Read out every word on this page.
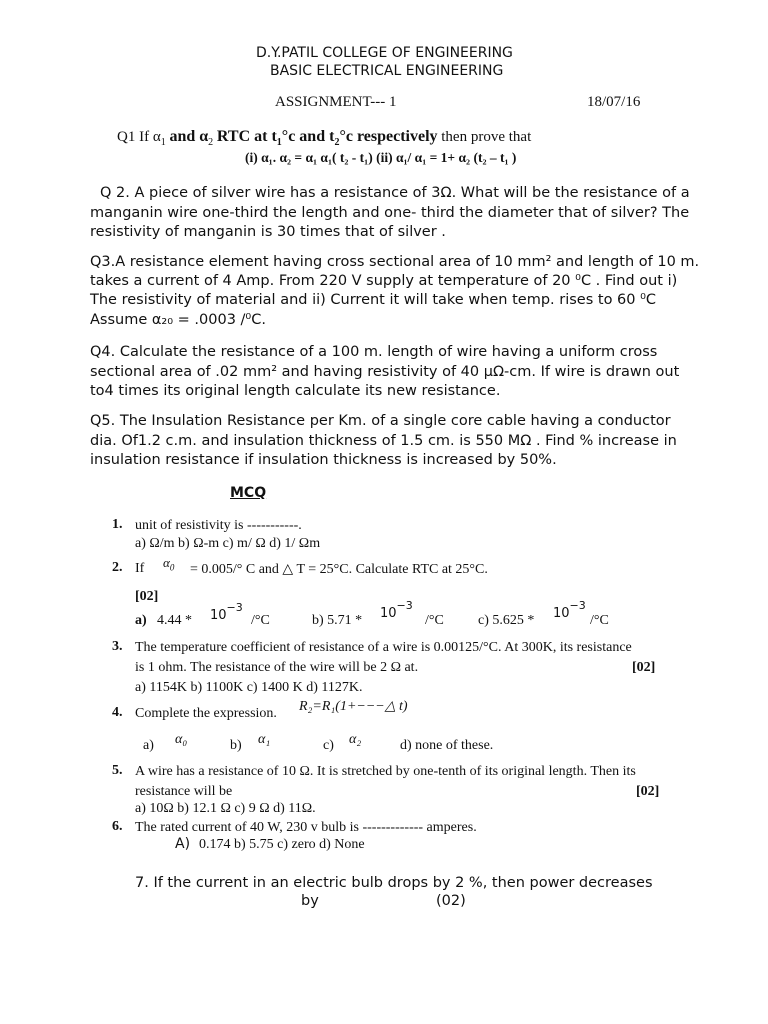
D.Y.PATIL COLLEGE OF ENGINEERING
BASIC ELECTRICAL ENGINEERING
ASSIGNMENT--- 1	18/07/16
Q1 If $\alpha_1$ and $\alpha_2$ RTC at $t_1^\circ c$ and $t_2^\circ c$ respectively then prove that
(i) α₁. α₂ = α₁ α₁( t₂ - t₁) (ii) α₁/ α₁ = 1+ α₂ (t₂ – t₁ )
Q 2. A piece of silver wire has a resistance of 3Ω. What will be the resistance of a manganin wire one-third the length and one- third the diameter that of silver? The resistivity of manganin is 30 times that of silver .
Q3.A resistance element having cross sectional area of 10 mm² and length of 10 m.
takes a current of 4 Amp. From 220 V supply at temperature of 20 ⁰C . Find out i)
The resistivity of material and ii) Current it will take when temp. rises to 60 ⁰C
Assume α₂₀ = .0003 /⁰C.
Q4. Calculate the resistance of a 100 m. length of wire having a uniform cross sectional area of .02 mm² and having resistivity of 40 μΩ-cm. If wire is drawn out to4 times its original length calculate its new resistance.
Q5. The Insulation Resistance per Km. of a single core cable having a conductor dia. Of1.2 c.m. and insulation thickness of 1.5 cm. is 550 MΩ . Find % increase in insulation resistance if insulation thickness is increased by 50%.
MCQ
1. unit of resistivity is -----------.
a) Ω/m b) Ω-m c) m/ Ω d) 1/ Ωm
2. If $\alpha_0 = 0.005/^\circ$ C and △ T = 25°C. Calculate RTC at 25°C.
[02]
a) $4.44 * 10^{-3}$
/°C	b) $5.71 * 10^{-3}$
/°C c) $5.625 * 10^{-3}$
/°C
3. The temperature coefficient of resistance of a wire is 0.00125/°C. At 300K, its resistance
is 1 ohm. The resistance of the wire will be 2 Ω at.	[02]
a) 1154K b) 1100K c) 1400 K d) 1127K.
4. Complete the expression. R₂=R₁(1+−−−△ t)
a) α₀	b) α₁	c) α₂	d) none of these.
5. A wire has a resistance of 10 Ω. It is stretched by one-tenth of its original length. Then its
resistance will be	[02]
a) 10Ω b) 12.1 Ω c) 9 Ω d) 11Ω.
6. The rated current of 40 W, 230 v bulb is ------------- amperes.
A) 0.174 b) 5.75 c) zero d) None
7. If the current in an electric bulb drops by 2 %, then power decreases
by	(02)
